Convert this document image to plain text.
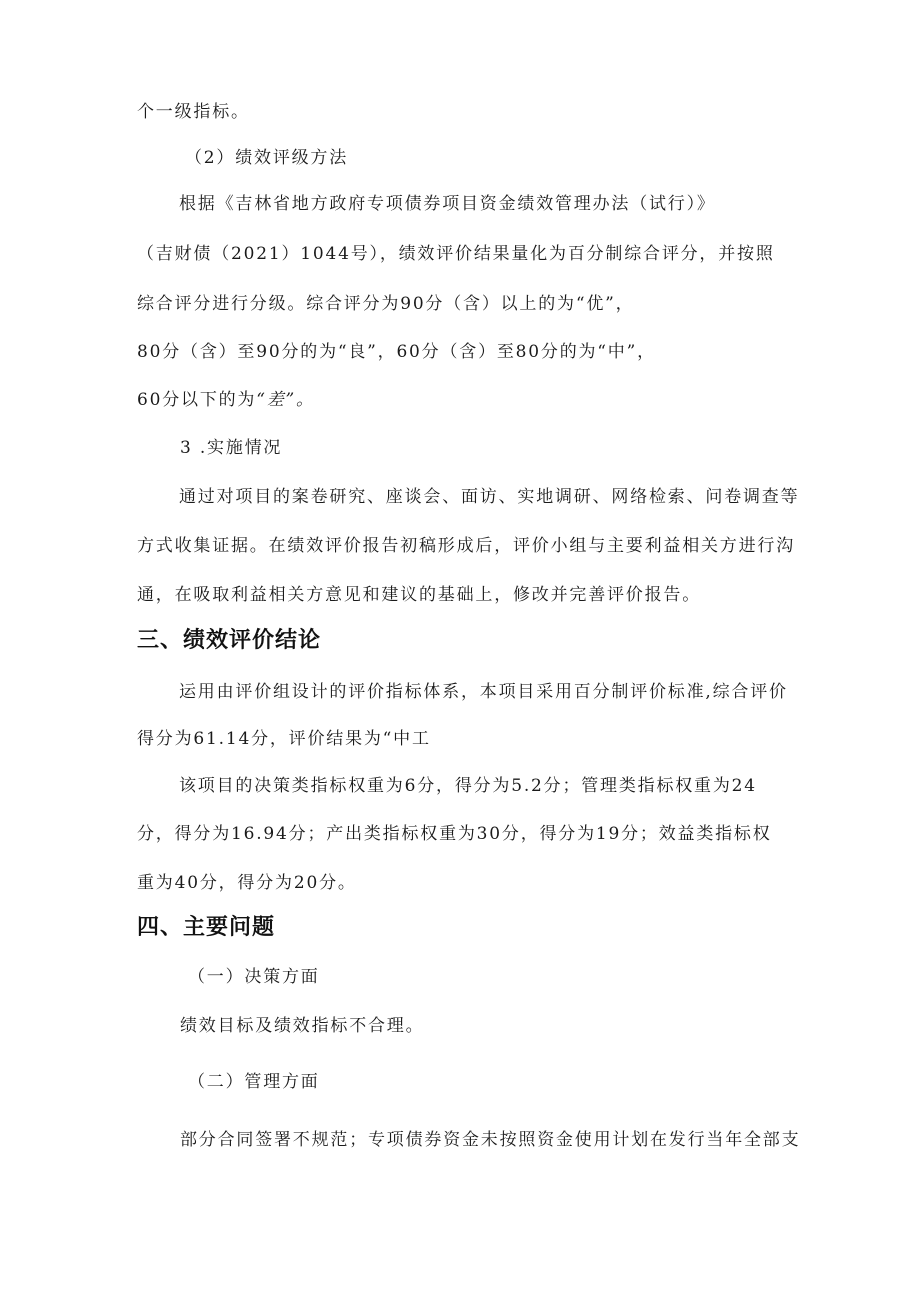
个一级指标。
（2）绩效评级方法
根据《吉林省地方政府专项债券项目资金绩效管理办法（试行）》
（吉财债（2021）1044号），绩效评价结果量化为百分制综合评分，并按照
综合评分进行分级。综合评分为90分（含）以上的为“优”，
80分（含）至90分的为“良”，60分（含）至80分的为“中”，
60分以下的为“差”。
3 .实施情况
通过对项目的案卷研究、座谈会、面访、实地调研、网络检索、问卷调查等
方式收集证据。在绩效评价报告初稿形成后，评价小组与主要利益相关方进行沟
通，在吸取利益相关方意见和建议的基础上，修改并完善评价报告。
三、绩效评价结论
运用由评价组设计的评价指标体系，本项目采用百分制评价标准,综合评价
得分为61.14分，评价结果为“中工
该项目的决策类指标权重为6分，得分为5.2分；管理类指标权重为24
分，得分为16.94分；产出类指标权重为30分，得分为19分；效益类指标权
重为40分，得分为20分。
四、主要问题
（一）决策方面
绩效目标及绩效指标不合理。
（二）管理方面
部分合同签署不规范；专项债券资金未按照资金使用计划在发行当年全部支
